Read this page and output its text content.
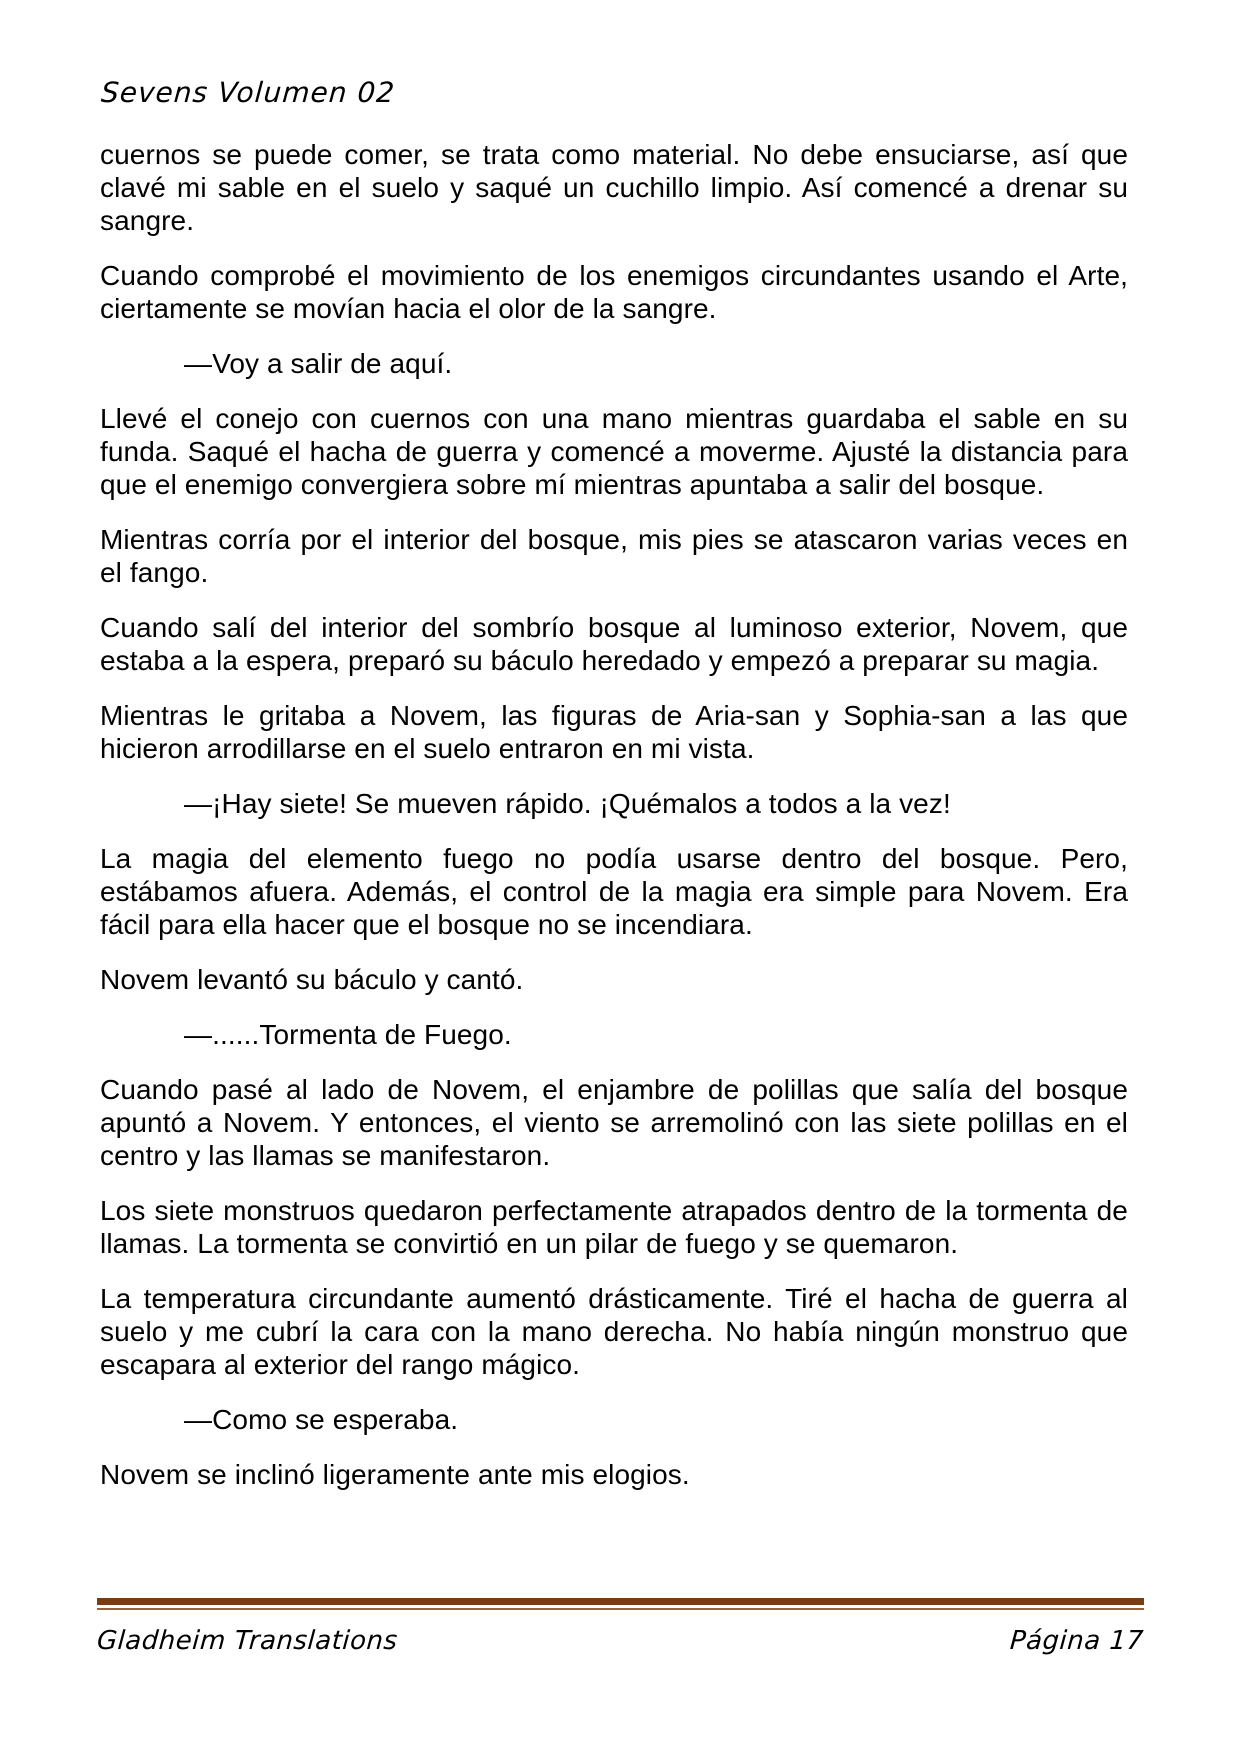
Sevens Volumen 02

cuernos se puede comer, se trata como material. No debe ensuciarse, así que clavé mi sable en el suelo y saqué un cuchillo limpio. Así comencé a drenar su sangre.

Cuando comprobé el movimiento de los enemigos circundantes usando el Arte, ciertamente se movían hacia el olor de la sangre.

—Voy a salir de aquí.

Llevé el conejo con cuernos con una mano mientras guardaba el sable en su funda. Saqué el hacha de guerra y comencé a moverme. Ajusté la distancia para que el enemigo convergiera sobre mí mientras apuntaba a salir del bosque.

Mientras corría por el interior del bosque, mis pies se atascaron varias veces en el fango.

Cuando salí del interior del sombrío bosque al luminoso exterior, Novem, que estaba a la espera, preparó su báculo heredado y empezó a preparar su magia.

Mientras le gritaba a Novem, las figuras de Aria-san y Sophia-san a las que hicieron arrodillarse en el suelo entraron en mi vista.

—¡Hay siete! Se mueven rápido. ¡Quémalos a todos a la vez!

La magia del elemento fuego no podía usarse dentro del bosque. Pero, estábamos afuera. Además, el control de la magia era simple para Novem. Era fácil para ella hacer que el bosque no se incendiara.

Novem levantó su báculo y cantó.

—......Tormenta de Fuego.

Cuando pasé al lado de Novem, el enjambre de polillas que salía del bosque apuntó a Novem. Y entonces, el viento se arremolinó con las siete polillas en el centro y las llamas se manifestaron.

Los siete monstruos quedaron perfectamente atrapados dentro de la tormenta de llamas. La tormenta se convirtió en un pilar de fuego y se quemaron.

La temperatura circundante aumentó drásticamente. Tiré el hacha de guerra al suelo y me cubrí la cara con la mano derecha. No había ningún monstruo que escapara al exterior del rango mágico.

—Como se esperaba.

Novem se inclinó ligeramente ante mis elogios.

Gladheim Translations	Página 17
